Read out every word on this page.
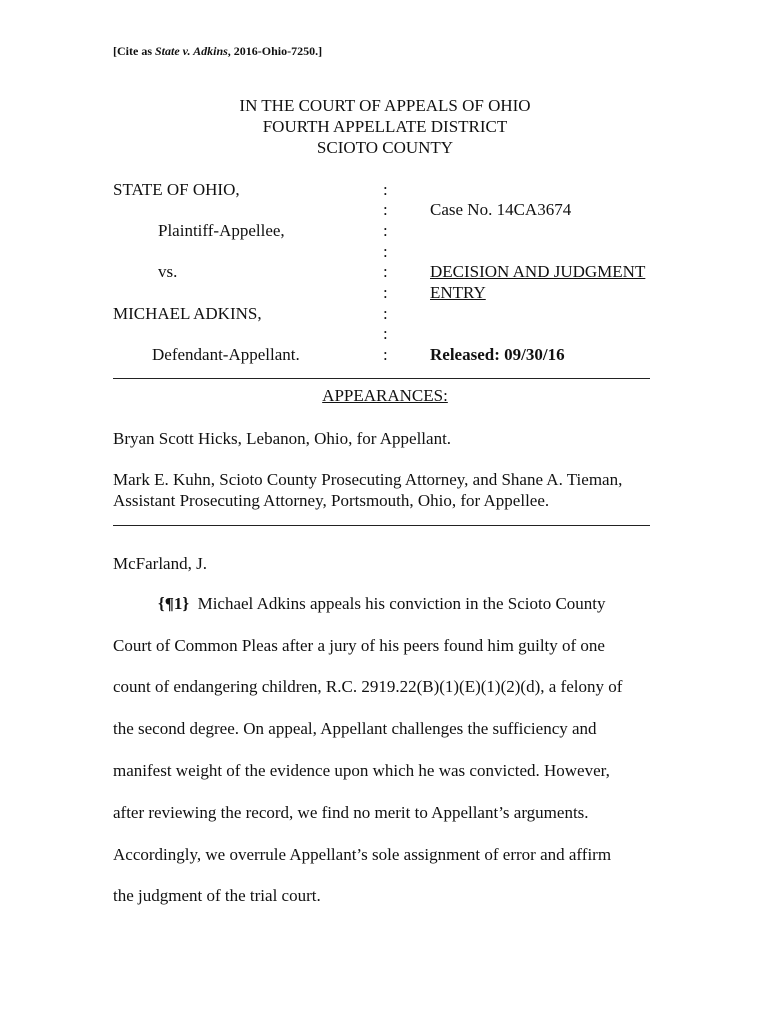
[Cite as State v. Adkins, 2016-Ohio-7250.]
IN THE COURT OF APPEALS OF OHIO
FOURTH APPELLATE DISTRICT
SCIOTO COUNTY
STATE OF OHIO,
Plaintiff-Appellee,
vs.
MICHAEL ADKINS,
Defendant-Appellant.
:
:
:
:
:
:
:
:
:
Case No. 14CA3674
DECISION AND JUDGMENT
ENTRY
Released: 09/30/16
APPEARANCES:
Bryan Scott Hicks, Lebanon, Ohio, for Appellant.
Mark E. Kuhn, Scioto County Prosecuting Attorney, and Shane A. Tieman,
Assistant Prosecuting Attorney, Portsmouth, Ohio, for Appellee.
McFarland, J.
{¶1} Michael Adkins appeals his conviction in the Scioto County
Court of Common Pleas after a jury of his peers found him guilty of one
count of endangering children, R.C. 2919.22(B)(1)(E)(1)(2)(d), a felony of
the second degree. On appeal, Appellant challenges the sufficiency and
manifest weight of the evidence upon which he was convicted. However,
after reviewing the record, we find no merit to Appellant’s arguments.
Accordingly, we overrule Appellant’s sole assignment of error and affirm
the judgment of the trial court.
